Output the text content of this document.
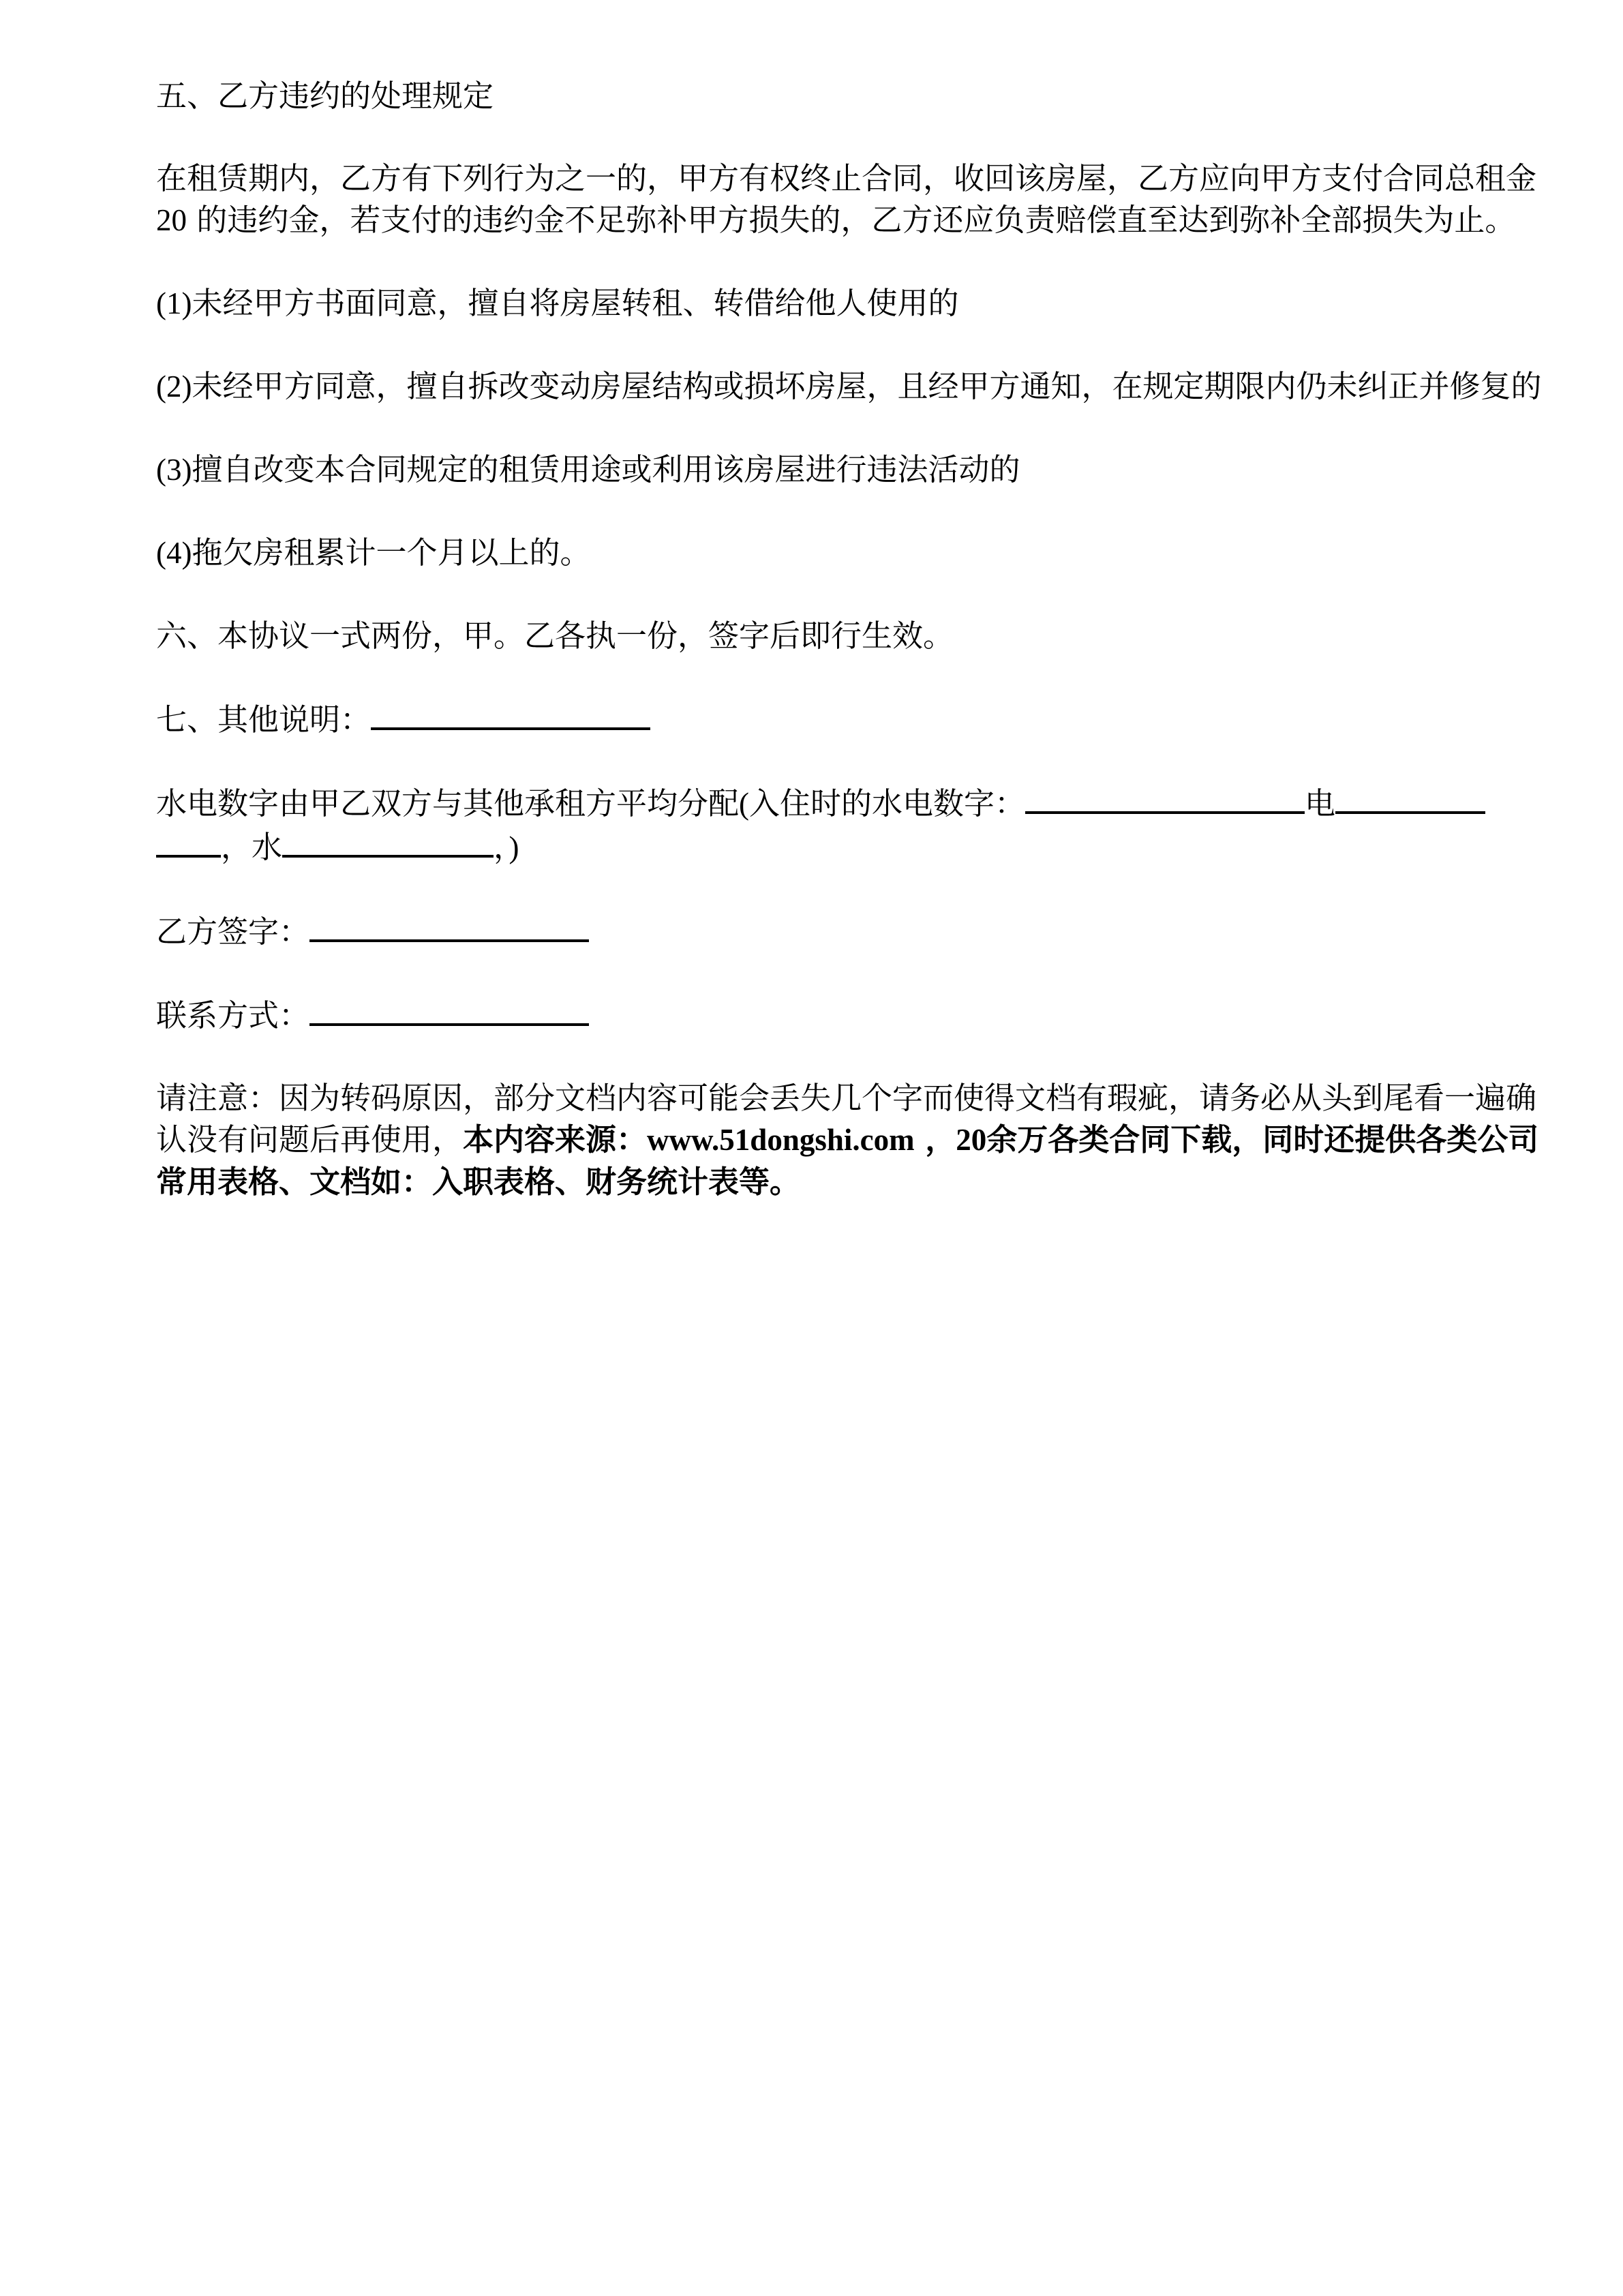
五、乙方违约的处理规定

在租赁期内，乙方有下列行为之一的，甲方有权终止合同，收回该房屋，乙方应向甲方支付合同总租金 20 的违约金，若支付的违约金不足弥补甲方损失的，乙方还应负责赔偿直至达到弥补全部损失为止。

(1)未经甲方书面同意，擅自将房屋转租、转借给他人使用的

(2)未经甲方同意，擅自拆改变动房屋结构或损坏房屋，且经甲方通知，在规定期限内仍未纠正并修复的

(3)擅自改变本合同规定的租赁用途或利用该房屋进行违法活动的

(4)拖欠房租累计一个月以上的。

六、本协议一式两份，甲。乙各执一份，签字后即行生效。

七、其他说明：

水电数字由甲乙双方与其他承租方平均分配(入住时的水电数字：	电，水	，)

乙方签字：

联系方式：

请注意：因为转码原因，部分文档内容可能会丢失几个字而使得文档有瑕疵，请务必从头到尾看一遍确认没有问题后再使用，本内容来源：www.51dongshi.com ，20余万各类合同下载，同时还提供各类公司常用表格、文档如：入职表格、财务统计表等。
